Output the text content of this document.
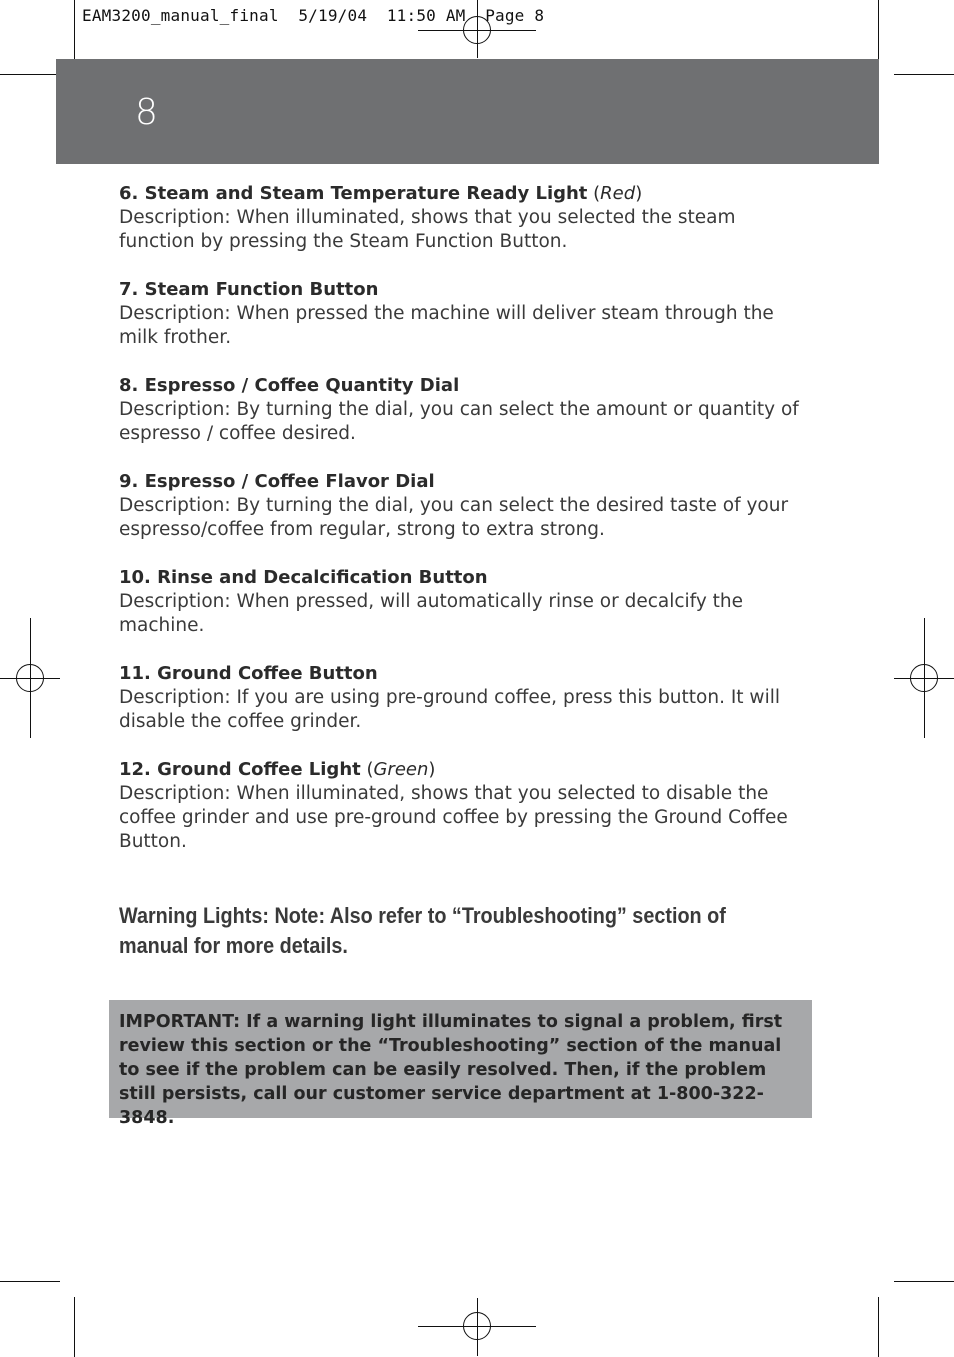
EAM3200_manual_final 5/19/04 11:50 AM Page 8
8
6. Steam and Steam Temperature Ready Light (Red)
Description: When illuminated, shows that you selected the steam function by pressing the Steam Function Button.
7. Steam Function Button
Description: When pressed the machine will deliver steam through the milk frother.
8. Espresso / Coffee Quantity Dial
Description: By turning the dial, you can select the amount or quantity of espresso / coffee desired.
9. Espresso / Coffee Flavor Dial
Description: By turning the dial, you can select the desired taste of your espresso/coffee from regular, strong to extra strong.
10. Rinse and Decalcification Button
Description: When pressed, will automatically rinse or decalcify the machine.
11. Ground Coffee Button
Description: If you are using pre-ground coffee, press this button. It will disable the coffee grinder.
12. Ground Coffee Light (Green)
Description: When illuminated, shows that you selected to disable the coffee grinder and use pre-ground coffee by pressing the Ground Coffee Button.
Warning Lights: Note: Also refer to “Troubleshooting” section of manual for more details.
IMPORTANT: If a warning light illuminates to signal a problem, first review this section or the “Troubleshooting” section of the manual to see if the problem can be easily resolved. Then, if the problem still persists, call our customer service department at 1-800-322-3848.
